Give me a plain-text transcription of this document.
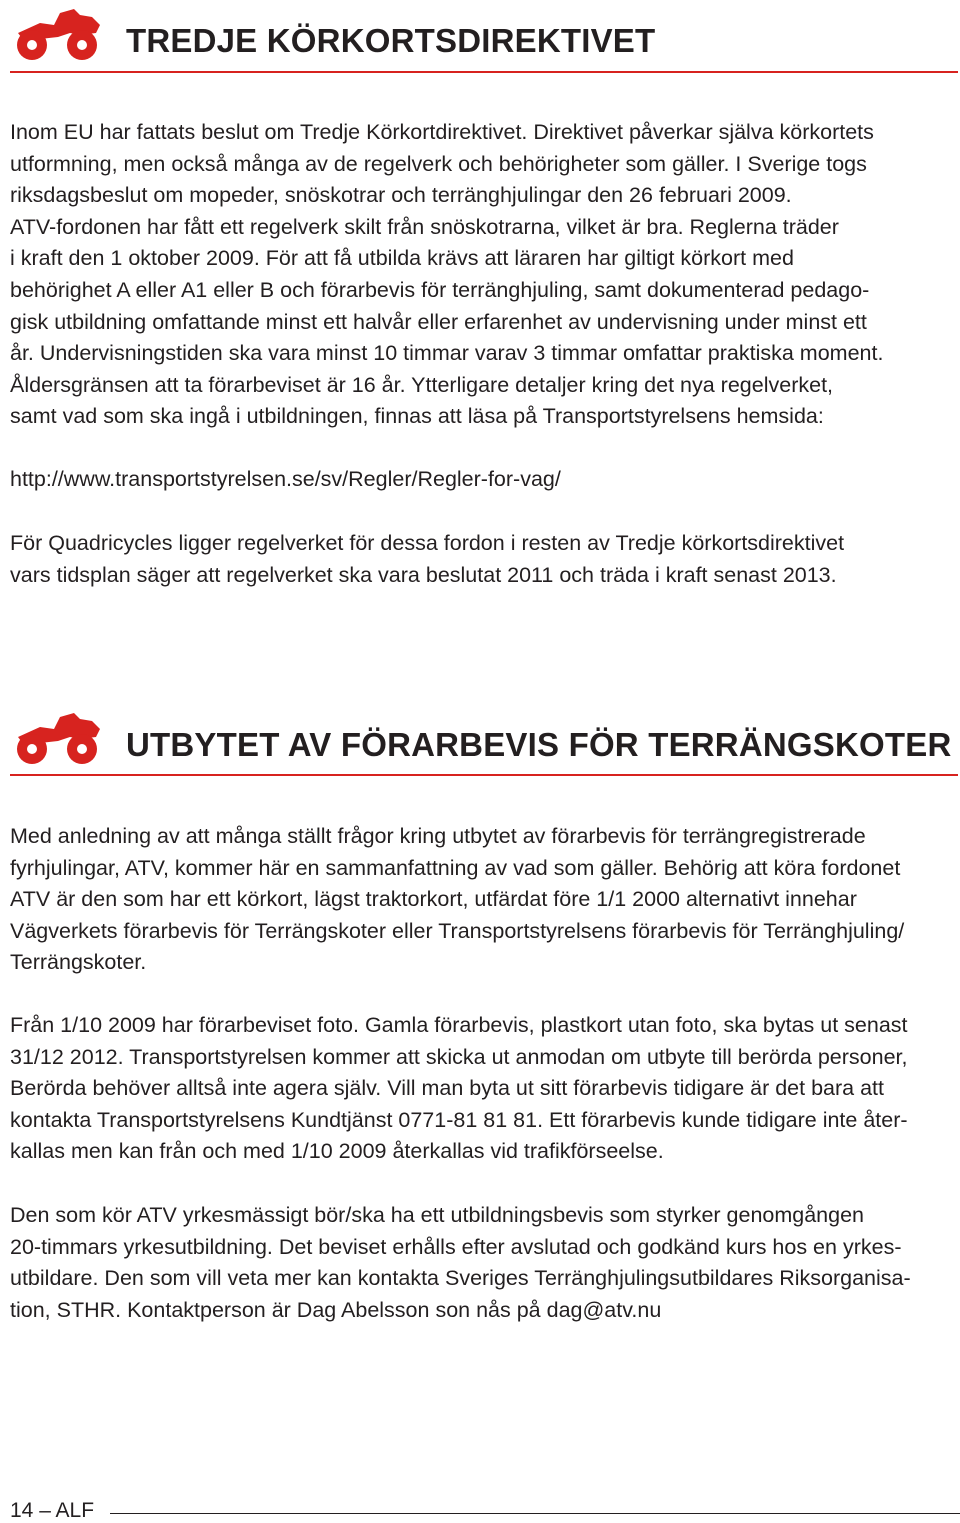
TREDJE KÖRKORTSDIREKTIVET
Inom EU har fattats beslut om Tredje Körkortdirektivet. Direktivet påverkar själva körkortets
utformning, men också många av de regelverk och behörigheter som gäller. I Sverige togs
riksdagsbeslut om mopeder, snöskotrar och terränghjulingar den 26 februari 2009.
ATV-fordonen har fått ett regelverk skilt från snöskotrarna, vilket är bra. Reglerna träder
i kraft den 1 oktober 2009. För att få utbilda krävs att läraren har giltigt körkort med
behörighet A eller A1 eller B och förarbevis för terränghjuling, samt dokumenterad pedago-
gisk utbildning omfattande minst ett halvår eller erfarenhet av undervisning under minst ett
år. Undervisningstiden ska vara minst 10 timmar varav 3 timmar omfattar praktiska moment.
Åldersgränsen att ta förarbeviset är 16 år. Ytterligare detaljer kring det nya regelverket,
samt vad som ska ingå i utbildningen, finnas att läsa på Transportstyrelsens hemsida:
http://www.transportstyrelsen.se/sv/Regler/Regler-for-vag/
För Quadricycles ligger regelverket för dessa fordon i resten av Tredje körkortsdirektivet
vars tidsplan säger att regelverket ska vara beslutat 2011 och träda i kraft senast 2013.
UTBYTET AV FÖRARBEVIS FÖR TERRÄNGSKOTER
Med anledning av att många ställt frågor kring utbytet av förarbevis för terrängregistrerade
fyrhjulingar, ATV, kommer här en sammanfattning av vad som gäller. Behörig att köra fordonet
ATV är den som har ett körkort, lägst traktorkort, utfärdat före 1/1 2000 alternativt innehar
Vägverkets förarbevis för Terrängskoter eller Transportstyrelsens förarbevis för Terränghjuling/
Terrängskoter.
Från 1/10 2009 har förarbeviset foto. Gamla förarbevis, plastkort utan foto, ska bytas ut senast
31/12 2012. Transportstyrelsen kommer att skicka ut anmodan om utbyte till berörda personer,
Berörda behöver alltså inte agera själv. Vill man byta ut sitt förarbevis tidigare är det bara att
kontakta Transportstyrelsens Kundtjänst 0771-81 81 81. Ett förarbevis kunde tidigare inte åter-
kallas men kan från och med 1/10 2009 återkallas vid trafikförseelse.
Den som kör ATV yrkesmässigt bör/ska ha ett utbildningsbevis som styrker genomgången
20-timmars yrkesutbildning. Det beviset erhålls efter avslutad och godkänd kurs hos en yrkes-
utbildare. Den som vill veta mer kan kontakta Sveriges Terränghjulingsutbildares Riksorganisa-
tion, STHR. Kontaktperson är Dag Abelsson son nås på dag@atv.nu
14 – ALF
